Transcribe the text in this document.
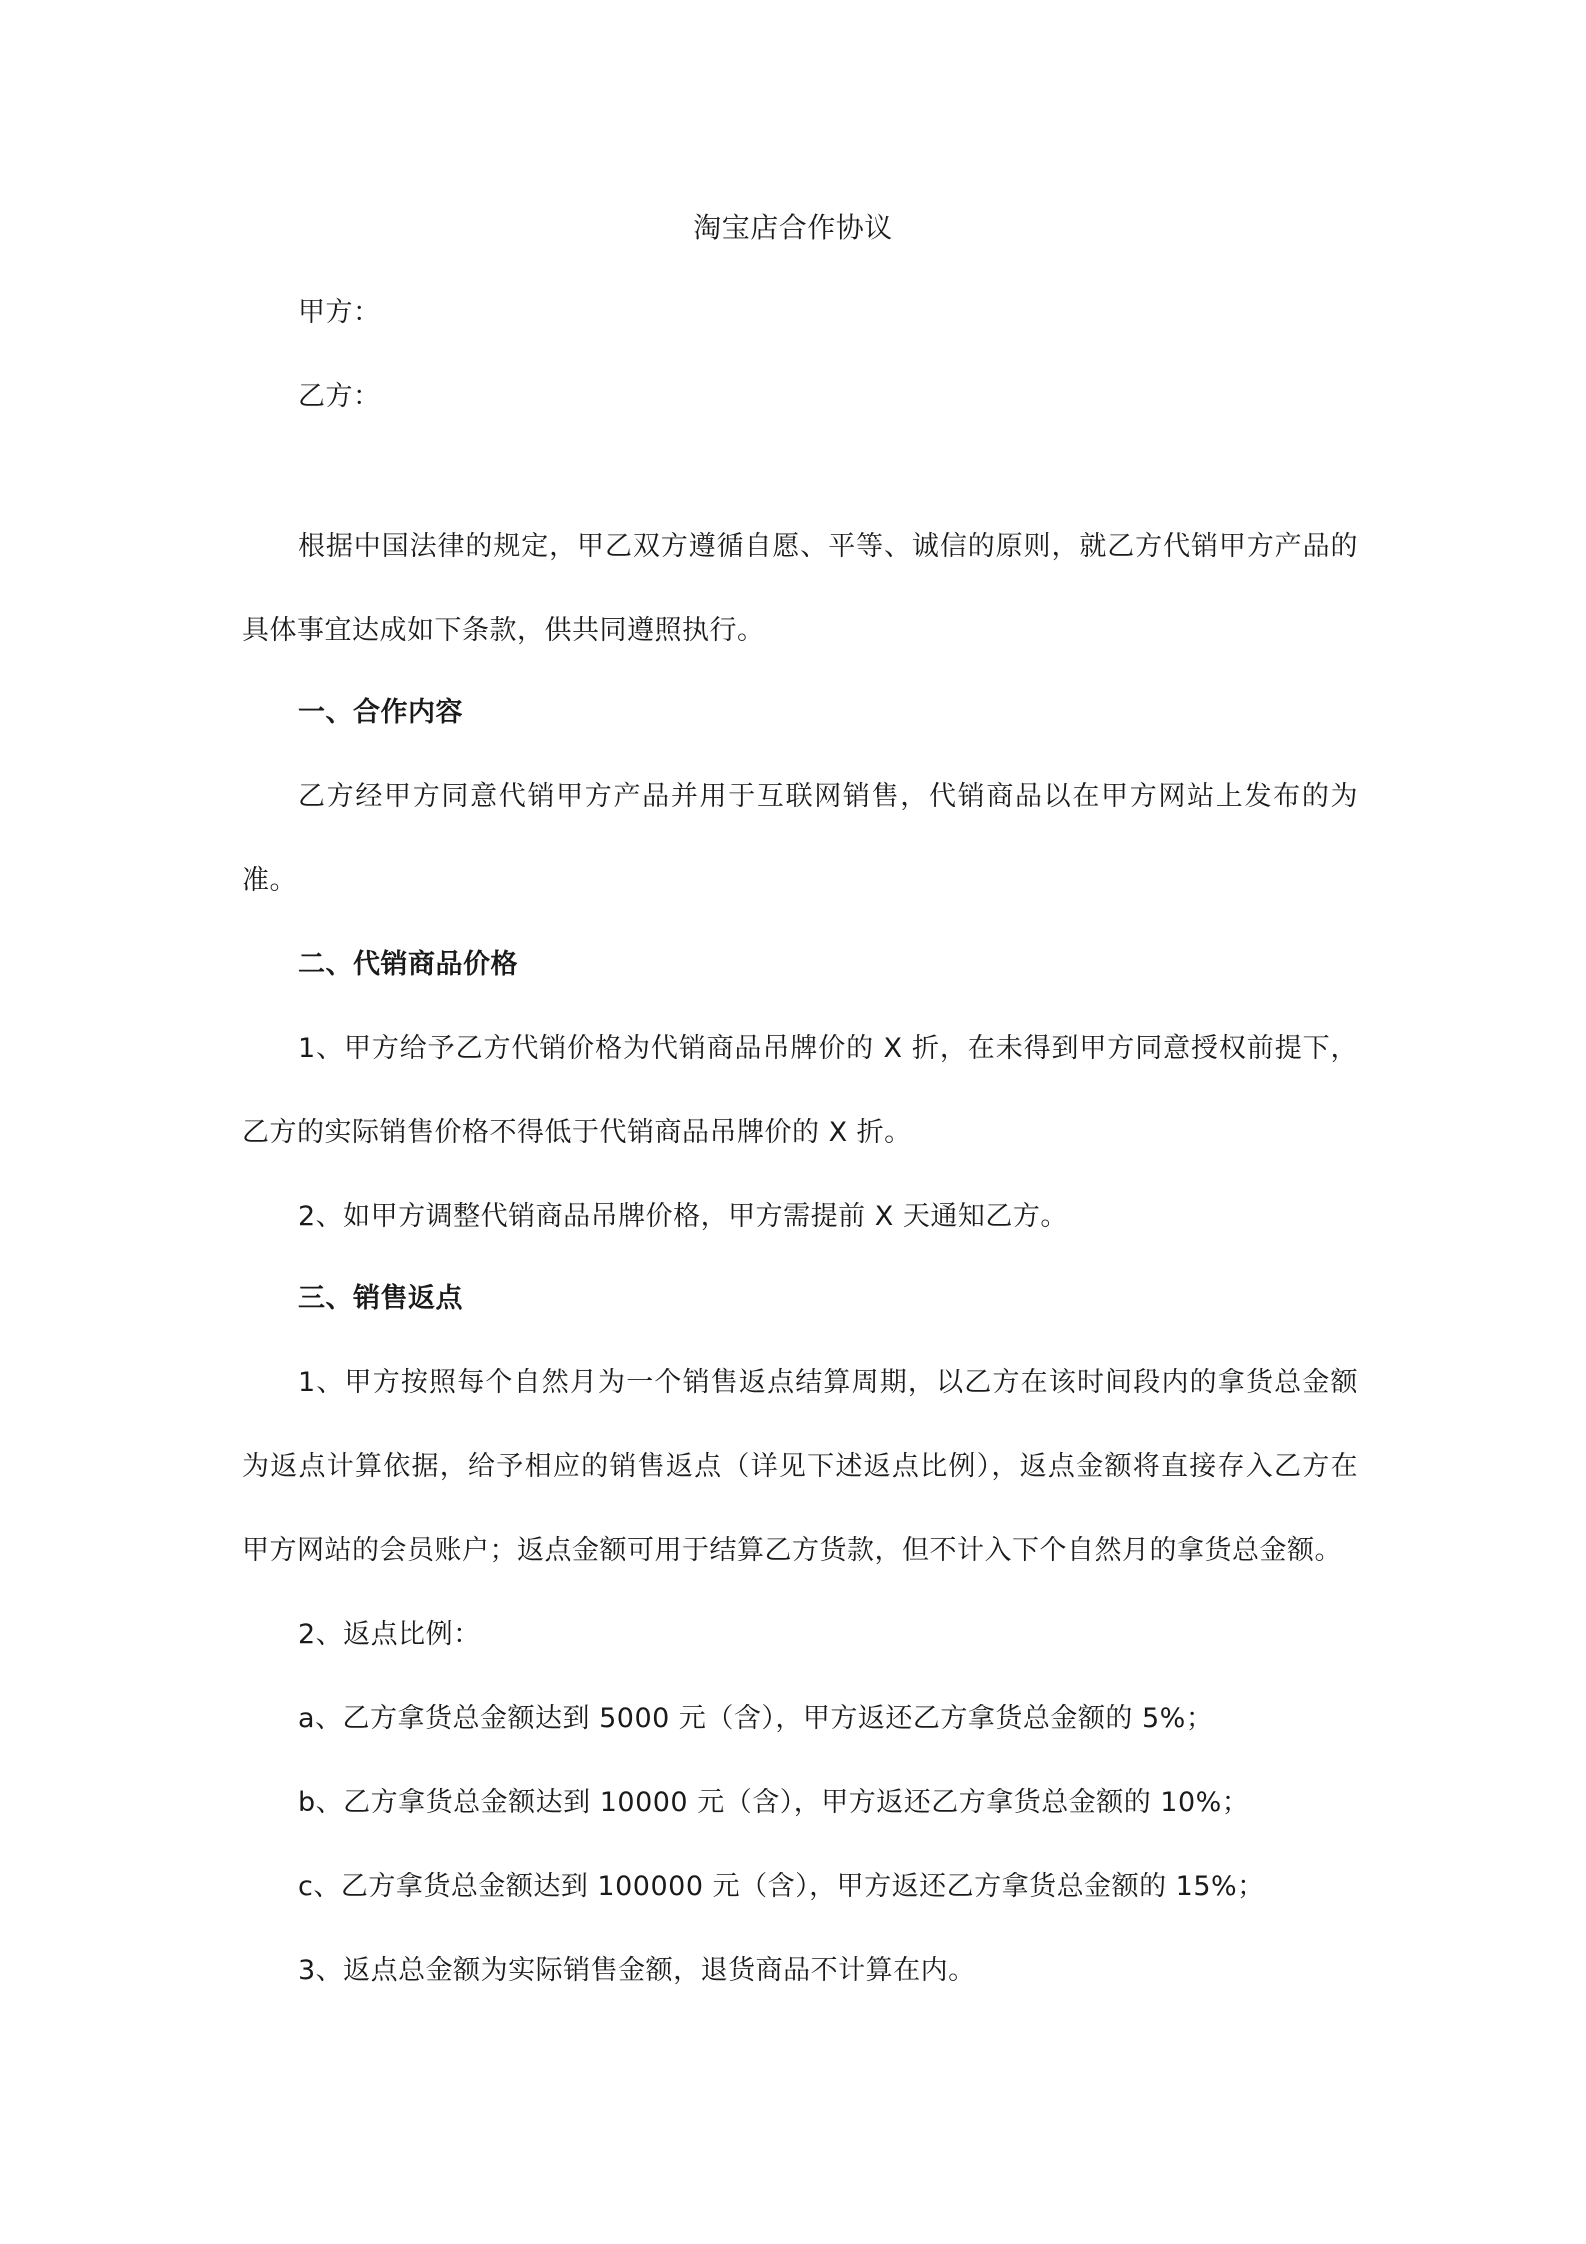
淘宝店合作协议
甲方：
乙方：
根据中国法律的规定，甲乙双方遵循自愿、平等、诚信的原则，就乙方代销甲方产品的
具体事宜达成如下条款，供共同遵照执行。
一、合作内容
乙方经甲方同意代销甲方产品并用于互联网销售，代销商品以在甲方网站上发布的为
准。
二、代销商品价格
1、甲方给予乙方代销价格为代销商品吊牌价的 X 折，在未得到甲方同意授权前提下，
乙方的实际销售价格不得低于代销商品吊牌价的 X 折。
2、如甲方调整代销商品吊牌价格，甲方需提前 X 天通知乙方。
三、销售返点
1、甲方按照每个自然月为一个销售返点结算周期，以乙方在该时间段内的拿货总金额
为返点计算依据，给予相应的销售返点（详见下述返点比例），返点金额将直接存入乙方在
甲方网站的会员账户；返点金额可用于结算乙方货款，但不计入下个自然月的拿货总金额。
2、返点比例：
a、乙方拿货总金额达到 5000 元（含），甲方返还乙方拿货总金额的 5%；
b、乙方拿货总金额达到 10000 元（含），甲方返还乙方拿货总金额的 10%；
c、乙方拿货总金额达到 100000 元（含），甲方返还乙方拿货总金额的 15%；
3、返点总金额为实际销售金额，退货商品不计算在内。
